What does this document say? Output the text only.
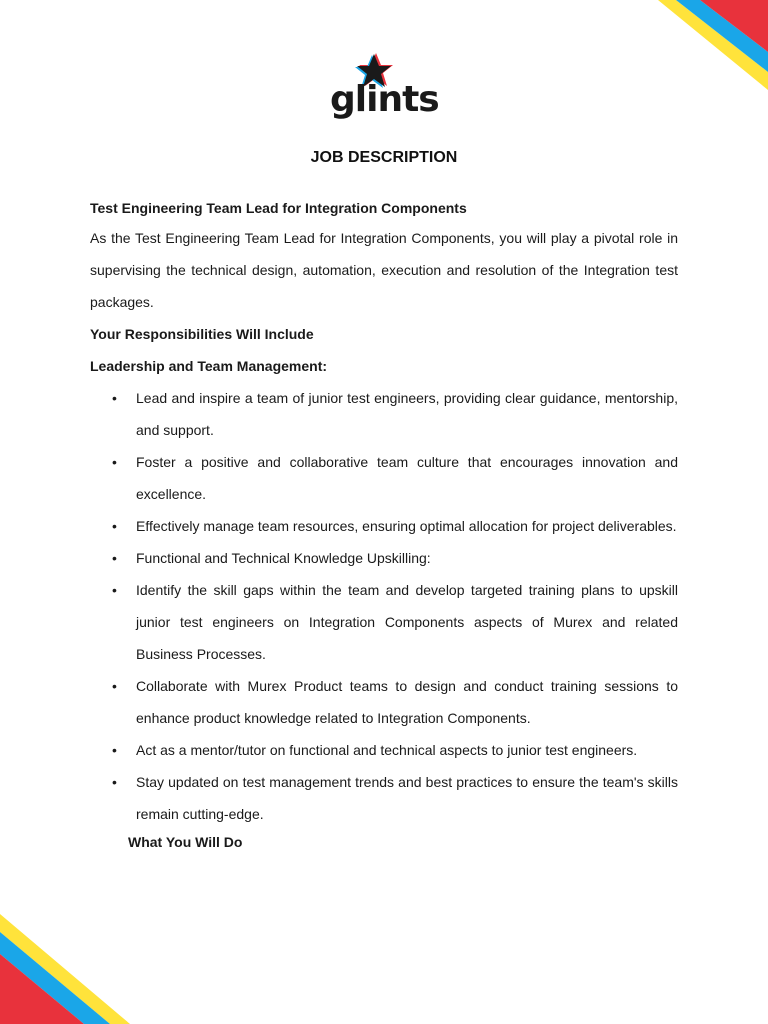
glints
JOB DESCRIPTION

Test Engineering Team Lead for Integration Components

As the Test Engineering Team Lead for Integration Components, you will play a pivotal role in supervising the technical design, automation, execution and resolution of the Integration test packages.

Your Responsibilities Will Include

Leadership and Team Management:

• Lead and inspire a team of junior test engineers, providing clear guidance, mentorship, and support.
• Foster a positive and collaborative team culture that encourages innovation and excellence.
• Effectively manage team resources, ensuring optimal allocation for project deliverables.
• Functional and Technical Knowledge Upskilling:
• Identify the skill gaps within the team and develop targeted training plans to upskill junior test engineers on Integration Components aspects of Murex and related Business Processes.
• Collaborate with Murex Product teams to design and conduct training sessions to enhance product knowledge related to Integration Components.
• Act as a mentor/tutor on functional and technical aspects to junior test engineers.
• Stay updated on test management trends and best practices to ensure the team's skills remain cutting-edge.

What You Will Do
